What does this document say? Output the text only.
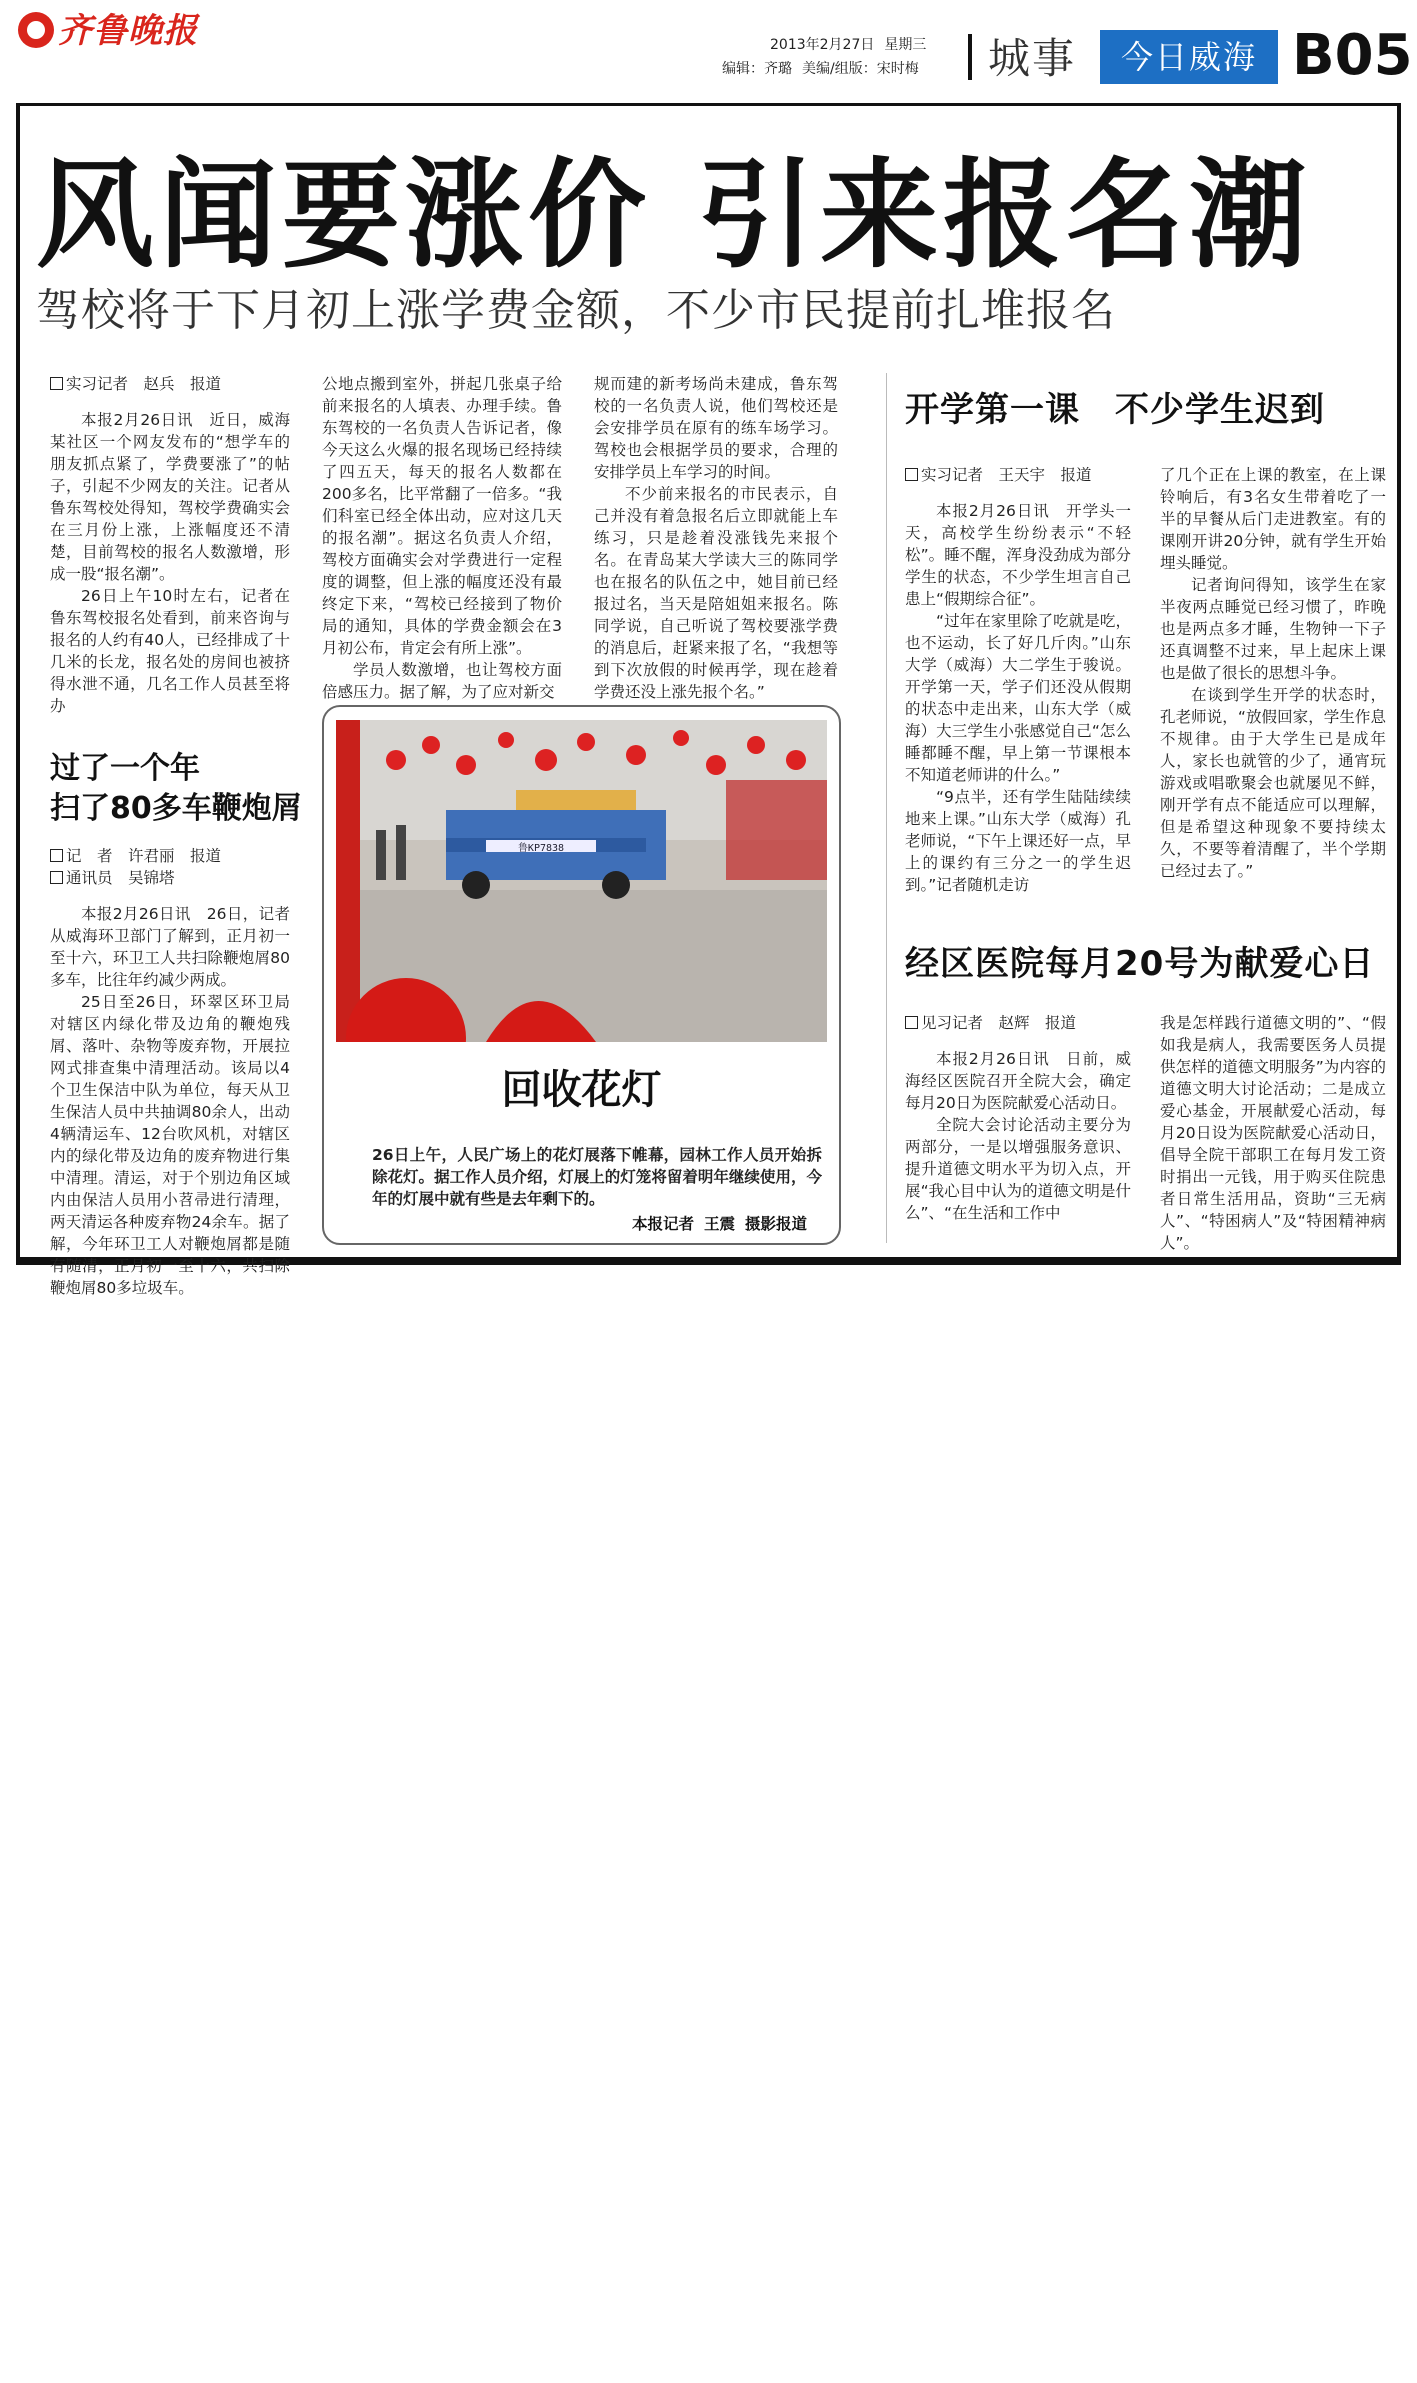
齐鲁晚报	2013年2月27日 星期三
编辑：齐璐 美编/组版：宋时梅 城事	今日威海 B05
风闻要涨价 引来报名潮
驾校将于下月初上涨学费金额，不少市民提前扎堆报名
实习记者　赵兵　报道

本报2月26日讯　近日，威海某社区一个网友发布的“想学车的朋友抓点紧了，学费要涨了”的帖子，引起不少网友的关注。记者从鲁东驾校处得知，驾校学费确实会在三月份上涨，上涨幅度还不清楚，目前驾校的报名人数激增，形成一股“报名潮”。

26日上午10时左右，记者在鲁东驾校报名处看到，前来咨询与报名的人约有40人，已经排成了十几米的长龙，报名处的房间也被挤得水泄不通，几名工作人员甚至将办

过了一个年
扫了80多车鞭炮屑
记　者　许君丽　报道
通讯员　吴锦塔

本报2月26日讯　26日，记者从威海环卫部门了解到，正月初一至十六，环卫工人共扫除鞭炮屑80多车，比往年约减少两成。

25日至26日，环翠区环卫局对辖区内绿化带及边角的鞭炮残屑、落叶、杂物等废弃物，开展拉网式排查集中清理活动。该局以4个卫生保洁中队为单位，每天从卫生保洁人员中共抽调80余人，出动4辆清运车、12台吹风机，对辖区内的绿化带及边角的废弃物进行集中清理。清运，对于个别边角区域内由保洁人员用小苕帚进行清理，两天清运各种废弃物24余车。据了解，今年环卫工人对鞭炮屑都是随有随清，正月初一至十六，共扫除鞭炮屑80多垃圾车。

公地点搬到室外，拼起几张桌子给前来报名的人填表、办理手续。鲁东驾校的一名负责人告诉记者，像今天这么火爆的报名现场已经持续了四五天，每天的报名人数都在200多名，比平常翻了一倍多。“我们科室已经全体出动，应对这几天的报名潮”。据这名负责人介绍，驾校方面确实会对学费进行一定程度的调整，但上涨的幅度还没有最终定下来，“驾校已经接到了物价局的通知，具体的学费金额会在3月初公布，肯定会有所上涨”。

学员人数激增，也让驾校方面倍感压力。据了解，为了应对新交

规而建的新考场尚未建成，鲁东驾校的一名负责人说，他们驾校还是会安排学员在原有的练车场学习。驾校也会根据学员的要求，合理的安排学员上车学习的时间。

不少前来报名的市民表示，自己并没有着急报名后立即就能上车练习，只是趁着没涨钱先来报个名。在青岛某大学读大三的陈同学也在报名的队伍之中，她目前已经报过名，当天是陪姐姐来报名。陈同学说，自己听说了驾校要涨学费的消息后，赶紧来报了名，“我想等到下次放假的时候再学，现在趁着学费还没上涨先报个名。”

鲁KP7838
回收花灯
26日上午，人民广场上的花灯展落下帷幕，园林工作人员开始拆除花灯。据工作人员介绍，灯展上的灯笼将留着明年继续使用，今年的灯展中就有些是去年剩下的。
本报记者 王震 摄影报道
开学第一课　不少学生迟到
实习记者　王天宇　报道

本报2月26日讯　开学头一天，高校学生纷纷表示“不轻松”。睡不醒，浑身没劲成为部分学生的状态，不少学生坦言自己患上“假期综合征”。

“过年在家里除了吃就是吃，也不运动，长了好几斤肉。”山东大学（威海）大二学生于骏说。开学第一天，学子们还没从假期的状态中走出来，山东大学（威海）大三学生小张感觉自己“怎么睡都睡不醒，早上第一节课根本不知道老师讲的什么。”

“9点半，还有学生陆陆续续地来上课。”山东大学（威海）孔老师说，“下午上课还好一点，早上的课约有三分之一的学生迟到。”记者随机走访

了几个正在上课的教室，在上课铃响后，有3名女生带着吃了一半的早餐从后门走进教室。有的课刚开讲20分钟，就有学生开始埋头睡觉。

记者询问得知，该学生在家半夜两点睡觉已经习惯了，昨晚也是两点多才睡，生物钟一下子还真调整不过来，早上起床上课也是做了很长的思想斗争。

在谈到学生开学的状态时，孔老师说，“放假回家，学生作息不规律。由于大学生已是成年人，家长也就管的少了，通宵玩游戏或唱歌聚会也就屡见不鲜，刚开学有点不能适应可以理解，但是希望这种现象不要持续太久，不要等着清醒了，半个学期已经过去了。”

经区医院每月20号为献爱心日
见习记者　赵辉　报道

本报2月26日讯　日前，威海经区医院召开全院大会，确定每月20日为医院献爱心活动日。

全院大会讨论活动主要分为两部分，一是以增强服务意识、提升道德文明水平为切入点，开展“我心目中认为的道德文明是什么”、“在生活和工作中

我是怎样践行道德文明的”、“假如我是病人，我需要医务人员提供怎样的道德文明服务”为内容的道德文明大讨论活动；二是成立爱心基金，开展献爱心活动，每月20日设为医院献爱心活动日，倡导全院干部职工在每月发工资时捐出一元钱，用于购买住院患者日常生活用品，资助“三无病人”、“特困病人”及“特困精神病人”。
